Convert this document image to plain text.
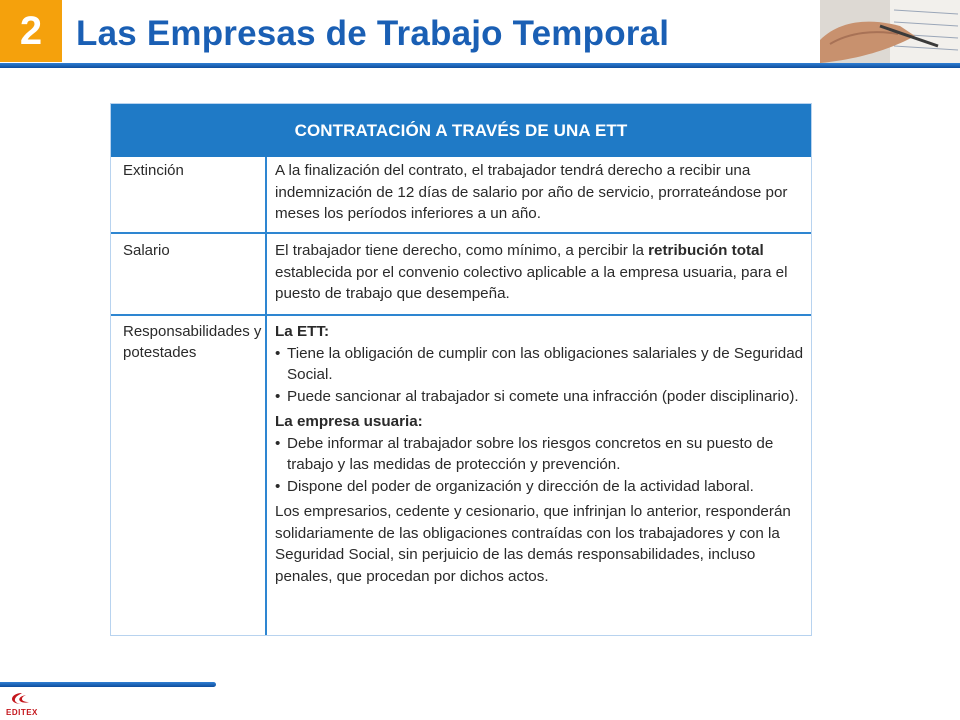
2 Las Empresas de Trabajo Temporal
CONTRATACIÓN A TRAVÉS DE UNA ETT
Extinción	A la finalización del contrato, el trabajador tendrá derecho a recibir una indemnización de 12 días de salario por año de servicio, prorrateándose por meses los períodos inferiores a un año.
Salario	El trabajador tiene derecho, como mínimo, a percibir la retribución total establecida por el convenio colectivo aplicable a la empresa usuaria, para el puesto de trabajo que desempeña.
Responsabilidades y potestades
La ETT:
• Tiene la obligación de cumplir con las obligaciones salariales y de Seguridad Social.
• Puede sancionar al trabajador si comete una infracción (poder disciplinario).
La empresa usuaria:
• Debe informar al trabajador sobre los riesgos concretos en su puesto de trabajo y las medidas de protección y prevención.
• Dispone del poder de organización y dirección de la actividad laboral.
Los empresarios, cedente y cesionario, que infrinjan lo anterior, responderán solidariamente de las obligaciones contraídas con los trabajadores y con la Seguridad Social, sin perjuicio de las demás responsabilidades, incluso penales, que procedan por dichos actos.
EDITEX
